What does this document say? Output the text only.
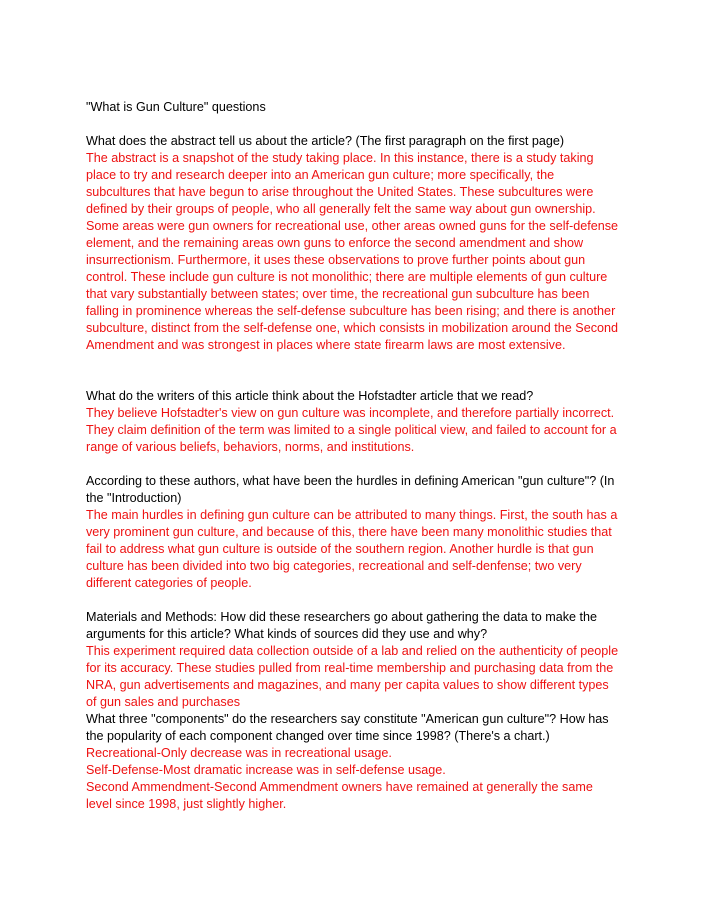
"What is Gun Culture" questions
What does the abstract tell us about the article? (The first paragraph on the first page)
The abstract is a snapshot of the study taking place. In this instance, there is a study taking
place to try and research deeper into an American gun culture; more specifically, the
subcultures that have begun to arise throughout the United States. These subcultures were
defined by their groups of people, who all generally felt the same way about gun ownership.
Some areas were gun owners for recreational use, other areas owned guns for the self-defense
element, and the remaining areas own guns to enforce the second amendment and show
insurrectionism. Furthermore, it uses these observations to prove further points about gun
control. These include gun culture is not monolithic; there are multiple elements of gun culture
that vary substantially between states; over time, the recreational gun subculture has been
falling in prominence whereas the self-defense subculture has been rising; and there is another
subculture, distinct from the self-defense one, which consists in mobilization around the Second
Amendment and was strongest in places where state firearm laws are most extensive.
What do the writers of this article think about the Hofstadter article that we read?
They believe Hofstadter's view on gun culture was incomplete, and therefore partially incorrect.
They claim definition of the term was limited to a single political view, and failed to account for a
range of various beliefs, behaviors, norms, and institutions.
According to these authors, what have been the hurdles in defining American "gun culture"? (In
the "Introduction)
The main hurdles in defining gun culture can be attributed to many things. First, the south has a
very prominent gun culture, and because of this, there have been many monolithic studies that
fail to address what gun culture is outside of the southern region. Another hurdle is that gun
culture has been divided into two big categories, recreational and self-denfense; two very
different categories of people.
Materials and Methods: How did these researchers go about gathering the data to make the
arguments for this article? What kinds of sources did they use and why?
This experiment required data collection outside of a lab and relied on the authenticity of people
for its accuracy. These studies pulled from real-time membership and purchasing data from the
NRA, gun advertisements and magazines, and many per capita values to show different types
of gun sales and purchases
What three "components" do the researchers say constitute "American gun culture"? How has
the popularity of each component changed over time since 1998? (There's a chart.)
Recreational-Only decrease was in recreational usage.
Self-Defense-Most dramatic increase was in self-defense usage.
Second Ammendment-Second Ammendment owners have remained at generally the same
level since 1998, just slightly higher.
